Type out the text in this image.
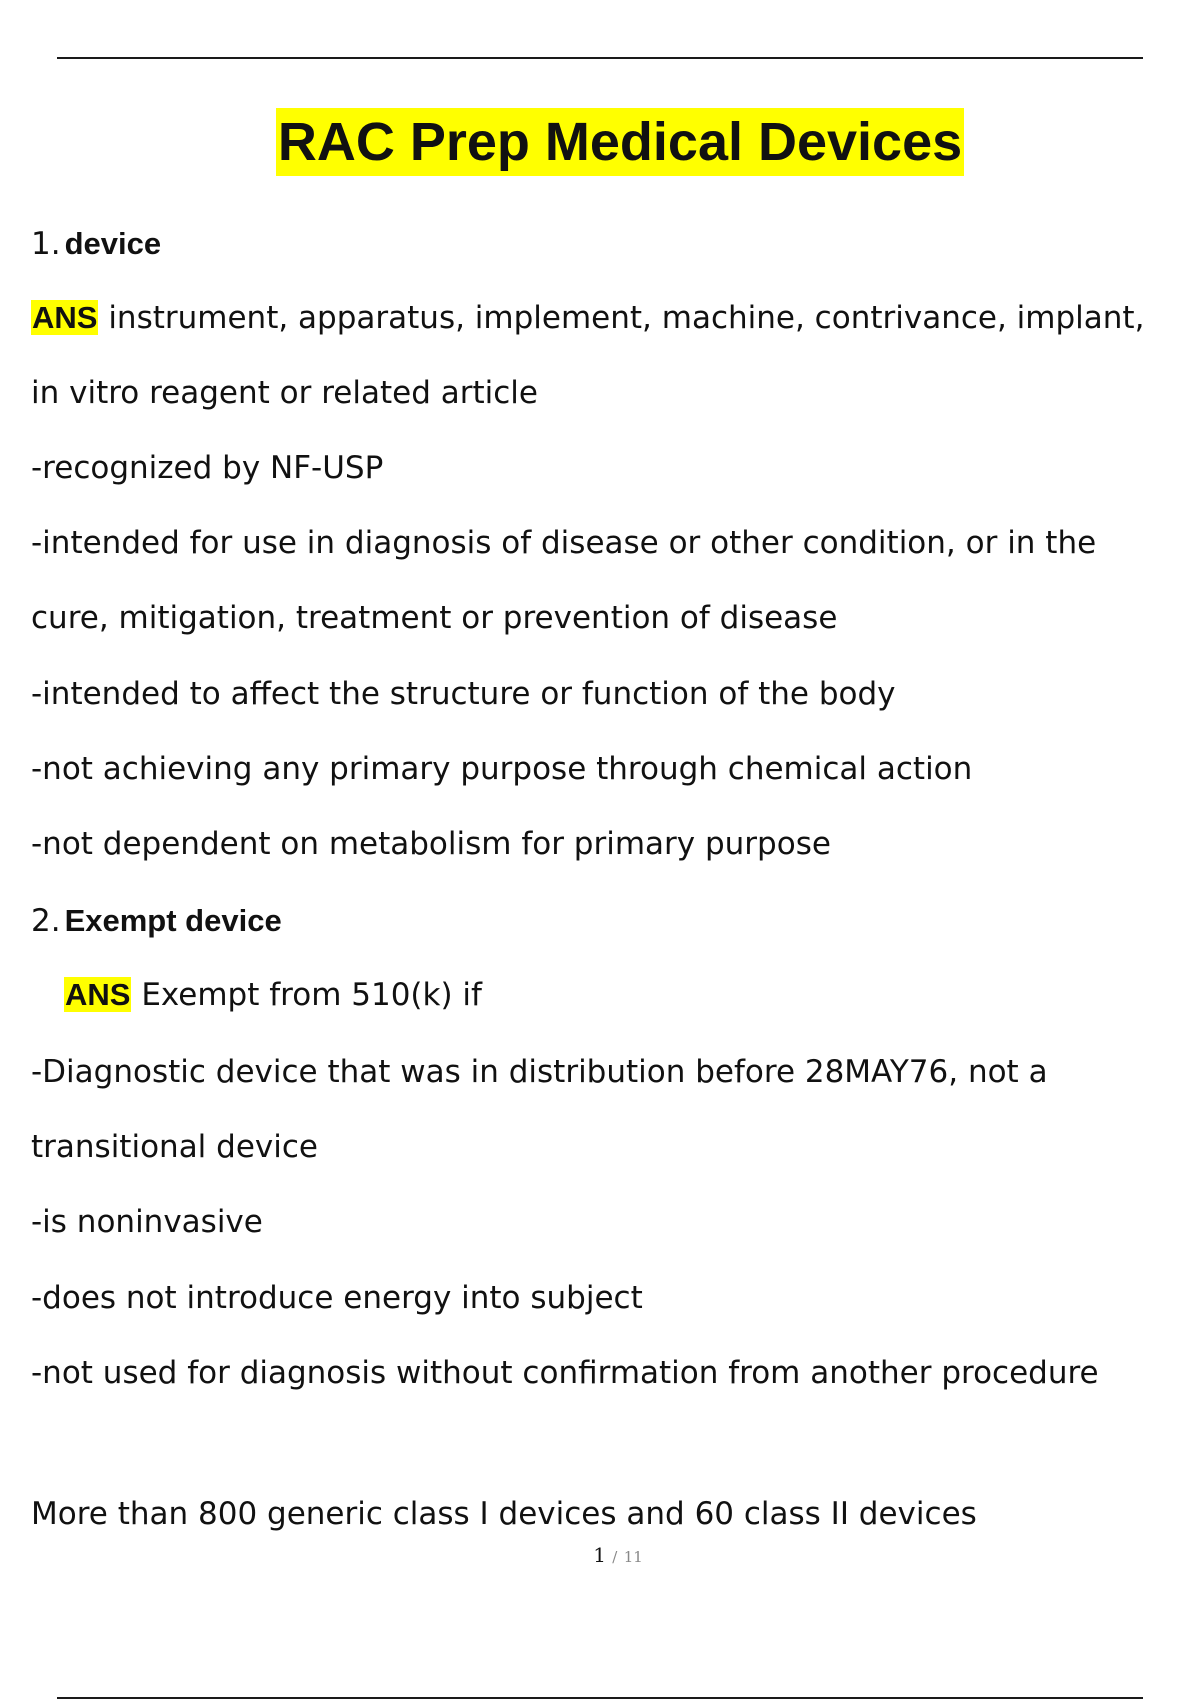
RAC Prep Medical Devices
1. device
ANS instrument, apparatus, implement, machine, contrivance, implant,
in vitro reagent or related article
-recognized by NF-USP
-intended for use in diagnosis of disease or other condition, or in the
cure, mitigation, treatment or prevention of disease
-intended to affect the structure or function of the body
-not achieving any primary purpose through chemical action
-not dependent on metabolism for primary purpose
2. Exempt device
ANS Exempt from 510(k) if
-Diagnostic device that was in distribution before 28MAY76, not a
transitional device
-is noninvasive
-does not introduce energy into subject
-not used for diagnosis without confirmation from another procedure
More than 800 generic class I devices and 60 class II devices
1 / 11
